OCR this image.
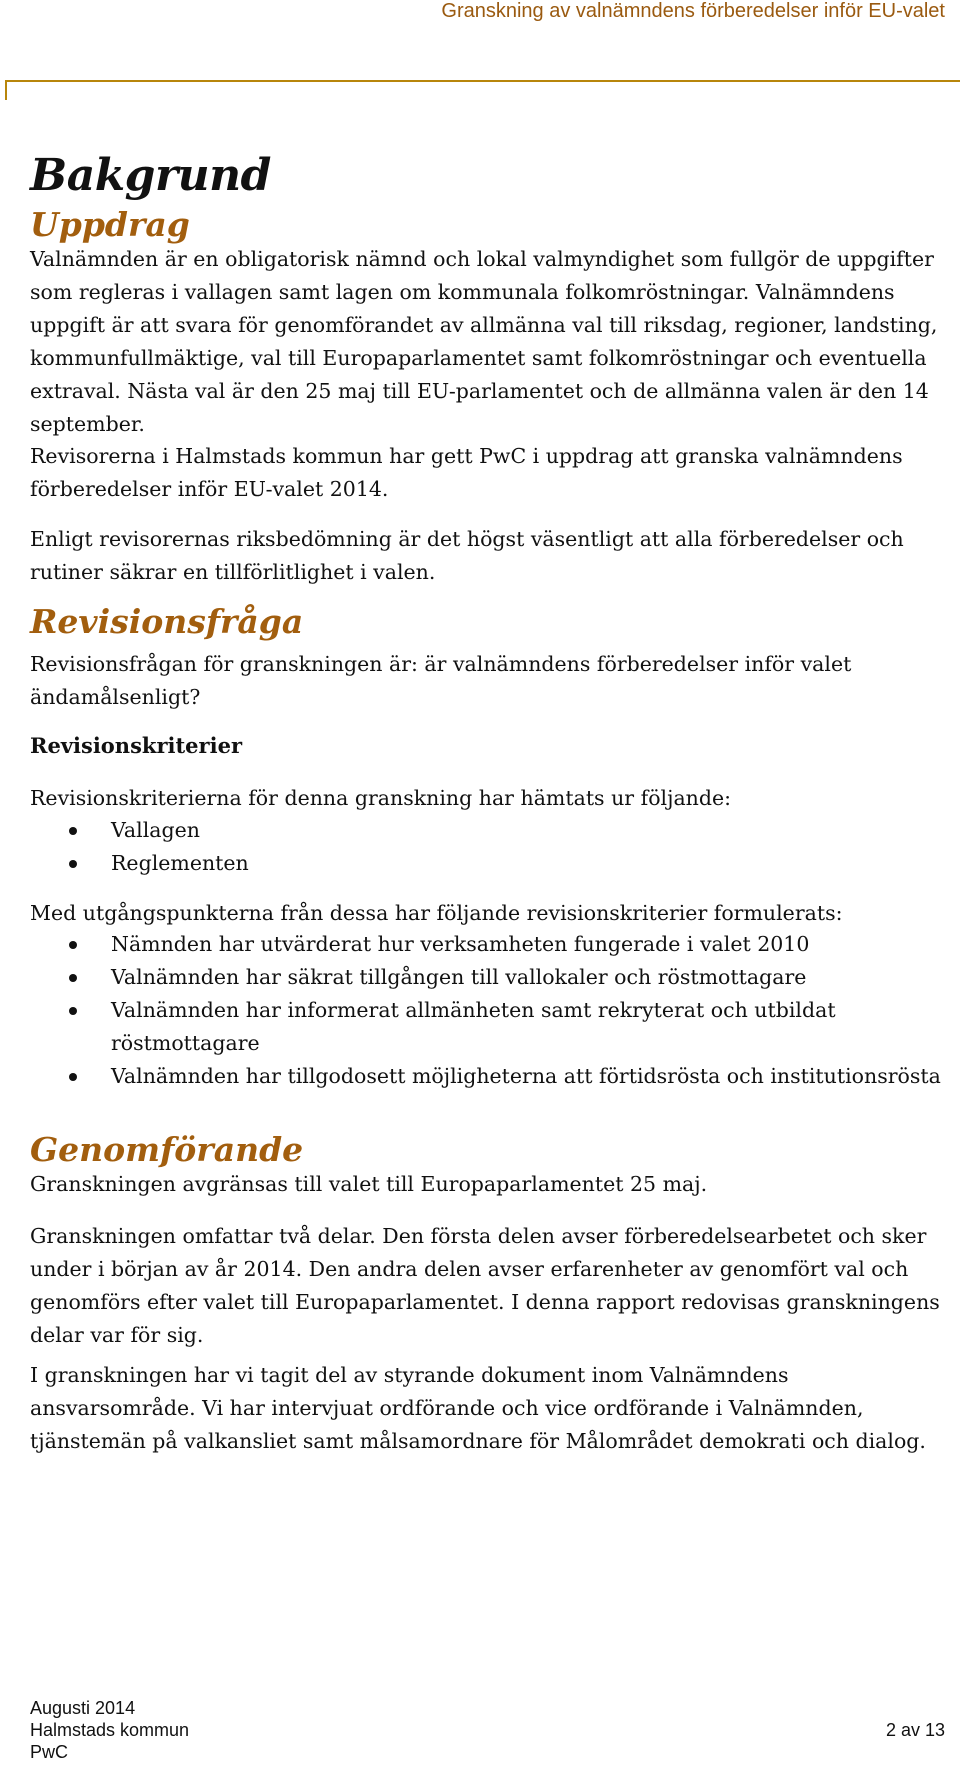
Granskning av valnämndens förberedelser inför EU-valet
Bakgrund
Uppdrag

Valnämnden är en obligatorisk nämnd och lokal valmyndighet som fullgör de uppgifter som regleras i vallagen samt lagen om kommunala folkomröstningar. Valnämndens uppgift är att svara för genomförandet av allmänna val till riksdag, regioner, landsting, kommunfullmäktige, val till Europaparlamentet samt folkomröstningar och eventuella extraval. Nästa val är den 25 maj till EU-parlamentet och de allmänna valen är den 14 september.

Revisorerna i Halmstads kommun har gett PwC i uppdrag att granska valnämndens förberedelser inför EU-valet 2014.

Enligt revisorernas riksbedömning är det högst väsentligt att alla förberedelser och rutiner säkrar en tillförlitlighet i valen.

Revisionsfråga

Revisionsfrågan för granskningen är: är valnämndens förberedelser inför valet ändamålsenligt?

Revisionskriterier

Revisionskriterierna för denna granskning har hämtats ur följande:

Vallagen
Reglementen

Med utgångspunkterna från dessa har följande revisionskriterier formulerats:

Nämnden har utvärderat hur verksamheten fungerade i valet 2010
Valnämnden har säkrat tillgången till vallokaler och röstmottagare
Valnämnden har informerat allmänheten samt rekryterat och utbildat röstmottagare
Valnämnden har tillgodosett möjligheterna att förtidsrösta och institutionsrösta
Genomförande

Granskningen avgränsas till valet till Europaparlamentet 25 maj.

Granskningen omfattar två delar. Den första delen avser förberedelsearbetet och sker under i början av år 2014. Den andra delen avser erfarenheter av genomfört val och genomförs efter valet till Europaparlamentet. I denna rapport redovisas granskningens delar var för sig.

I granskningen har vi tagit del av styrande dokument inom Valnämndens ansvarsområde. Vi har intervjuat ordförande och vice ordförande i Valnämnden, tjänstemän på valkansliet samt målsamordnare för Målområdet demokrati och dialog.

Augusti 2014
Halmstads kommun
PwC
2 av 13
